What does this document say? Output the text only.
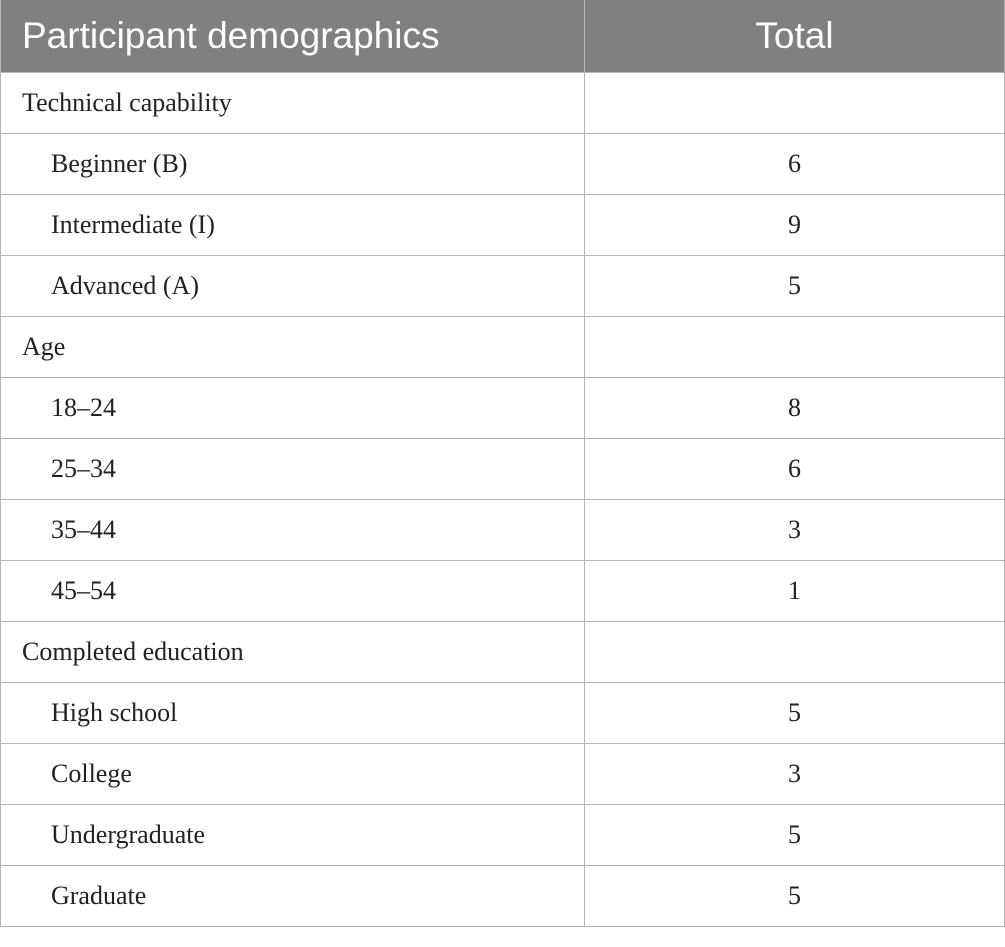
Participant demographics	Total
Technical capability	
Beginner (B)	6
Intermediate (I)	9
Advanced (A)	5
Age	
18–24	8
25–34	6
35–44	3
45–54	1
Completed education	
High school	5
College	3
Undergraduate	5
Graduate	5
